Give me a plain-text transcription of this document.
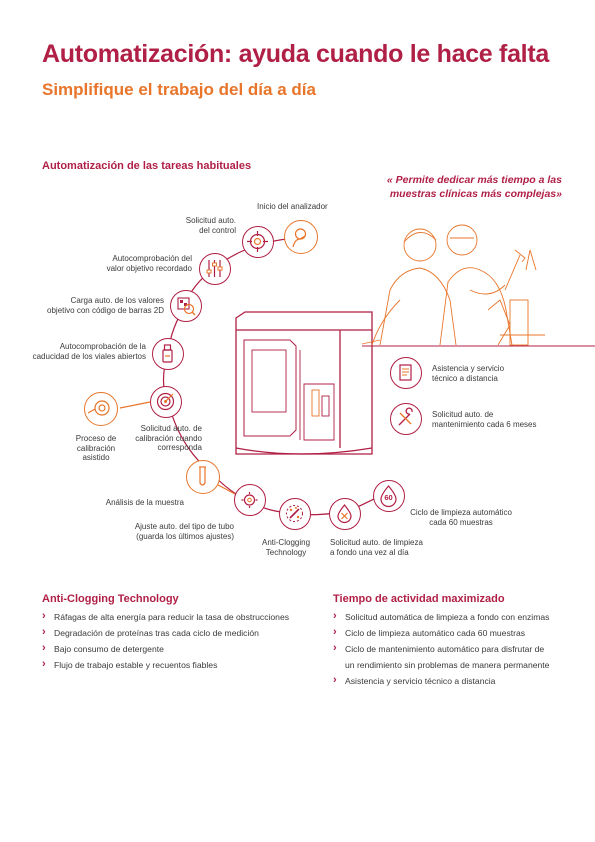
Automatización: ayuda cuando le hace falta
Simplifique el trabajo del día a día
Automatización de las tareas habituales
« Permite dedicar más tiempo a las
muestras clínicas más complejas»
60
Inicio del analizador
Solicitud auto.
del control
Autocomprobación del
valor objetivo recordado
Carga auto. de los valores
objetivo con código de barras 2D
Autocomprobación de la
caducidad de los viales abiertos
Solicitud auto. de
calibración cuando
corresponda
Proceso de
calibración
asistido
Análisis de la muestra
Ajuste auto. del tipo de tubo
(guarda los últimos ajustes)
Anti-Clogging
Technology
Solicitud auto. de limpieza
a fondo una vez al día
Ciclo de limpieza automático
cada 60 muestras
Asistencia y servicio
técnico a distancia
Solicitud auto. de
mantenimiento cada 6 meses
Anti-Clogging Technology
› Ráfagas de alta energía para reducir la tasa de obstrucciones
› Degradación de proteínas tras cada ciclo de medición
› Bajo consumo de detergente
› Flujo de trabajo estable y recuentos fiables
Tiempo de actividad maximizado
› Solicitud automática de limpieza a fondo con enzimas
› Ciclo de limpieza automático cada 60 muestras
› Ciclo de mantenimiento automático para disfrutar de
un rendimiento sin problemas de manera permanente
› Asistencia y servicio técnico a distancia
